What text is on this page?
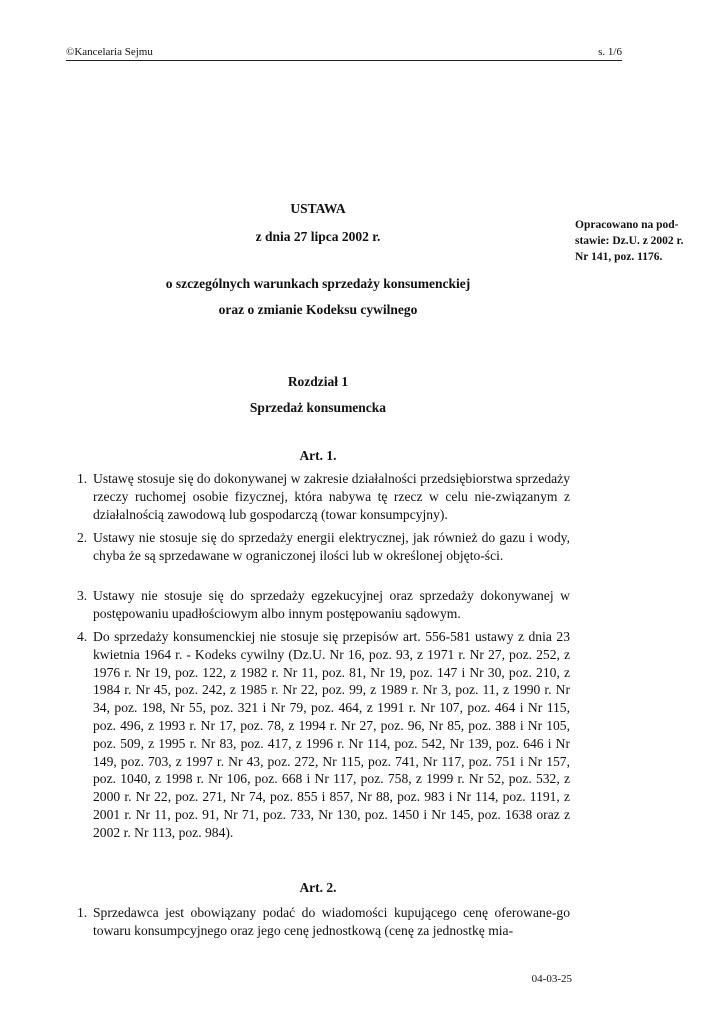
©Kancelaria Sejmu	s. 1/6
Opracowano na pod-stawie: Dz.U. z 2002 r. Nr 141, poz. 1176.
USTAWA
z dnia 27 lipca 2002 r.
o szczególnych warunkach sprzedaży konsumenckiej
oraz o zmianie Kodeksu cywilnego
Rozdział 1
Sprzedaż konsumencka
Art. 1.
1. Ustawę stosuje się do dokonywanej w zakresie działalności przedsiębiorstwa sprzedaży rzeczy ruchomej osobie fizycznej, która nabywa tę rzecz w celu nie-związanym z działalnością zawodową lub gospodarczą (towar konsumpcyjny).
2. Ustawy nie stosuje się do sprzedaży energii elektrycznej, jak również do gazu i wody, chyba że są sprzedawane w ograniczonej ilości lub w określonej objęto-ści.
3. Ustawy nie stosuje się do sprzedaży egzekucyjnej oraz sprzedaży dokonywanej w postępowaniu upadłościowym albo innym postępowaniu sądowym.
4. Do sprzedaży konsumenckiej nie stosuje się przepisów art. 556-581 ustawy z dnia 23 kwietnia 1964 r. - Kodeks cywilny (Dz.U. Nr 16, poz. 93, z 1971 r. Nr 27, poz. 252, z 1976 r. Nr 19, poz. 122, z 1982 r. Nr 11, poz. 81, Nr 19, poz. 147 i Nr 30, poz. 210, z 1984 r. Nr 45, poz. 242, z 1985 r. Nr 22, poz. 99, z 1989 r. Nr 3, poz. 11, z 1990 r. Nr 34, poz. 198, Nr 55, poz. 321 i Nr 79, poz. 464, z 1991 r. Nr 107, poz. 464 i Nr 115, poz. 496, z 1993 r. Nr 17, poz. 78, z 1994 r. Nr 27, poz. 96, Nr 85, poz. 388 i Nr 105, poz. 509, z 1995 r. Nr 83, poz. 417, z 1996 r. Nr 114, poz. 542, Nr 139, poz. 646 i Nr 149, poz. 703, z 1997 r. Nr 43, poz. 272, Nr 115, poz. 741, Nr 117, poz. 751 i Nr 157, poz. 1040, z 1998 r. Nr 106, poz. 668 i Nr 117, poz. 758, z 1999 r. Nr 52, poz. 532, z 2000 r. Nr 22, poz. 271, Nr 74, poz. 855 i 857, Nr 88, poz. 983 i Nr 114, poz. 1191, z 2001 r. Nr 11, poz. 91, Nr 71, poz. 733, Nr 130, poz. 1450 i Nr 145, poz. 1638 oraz z 2002 r. Nr 113, poz. 984).
Art. 2.
1. Sprzedawca jest obowiązany podać do wiadomości kupującego cenę oferowane-go towaru konsumpcyjnego oraz jego cenę jednostkową (cenę za jednostkę mia-
04-03-25
